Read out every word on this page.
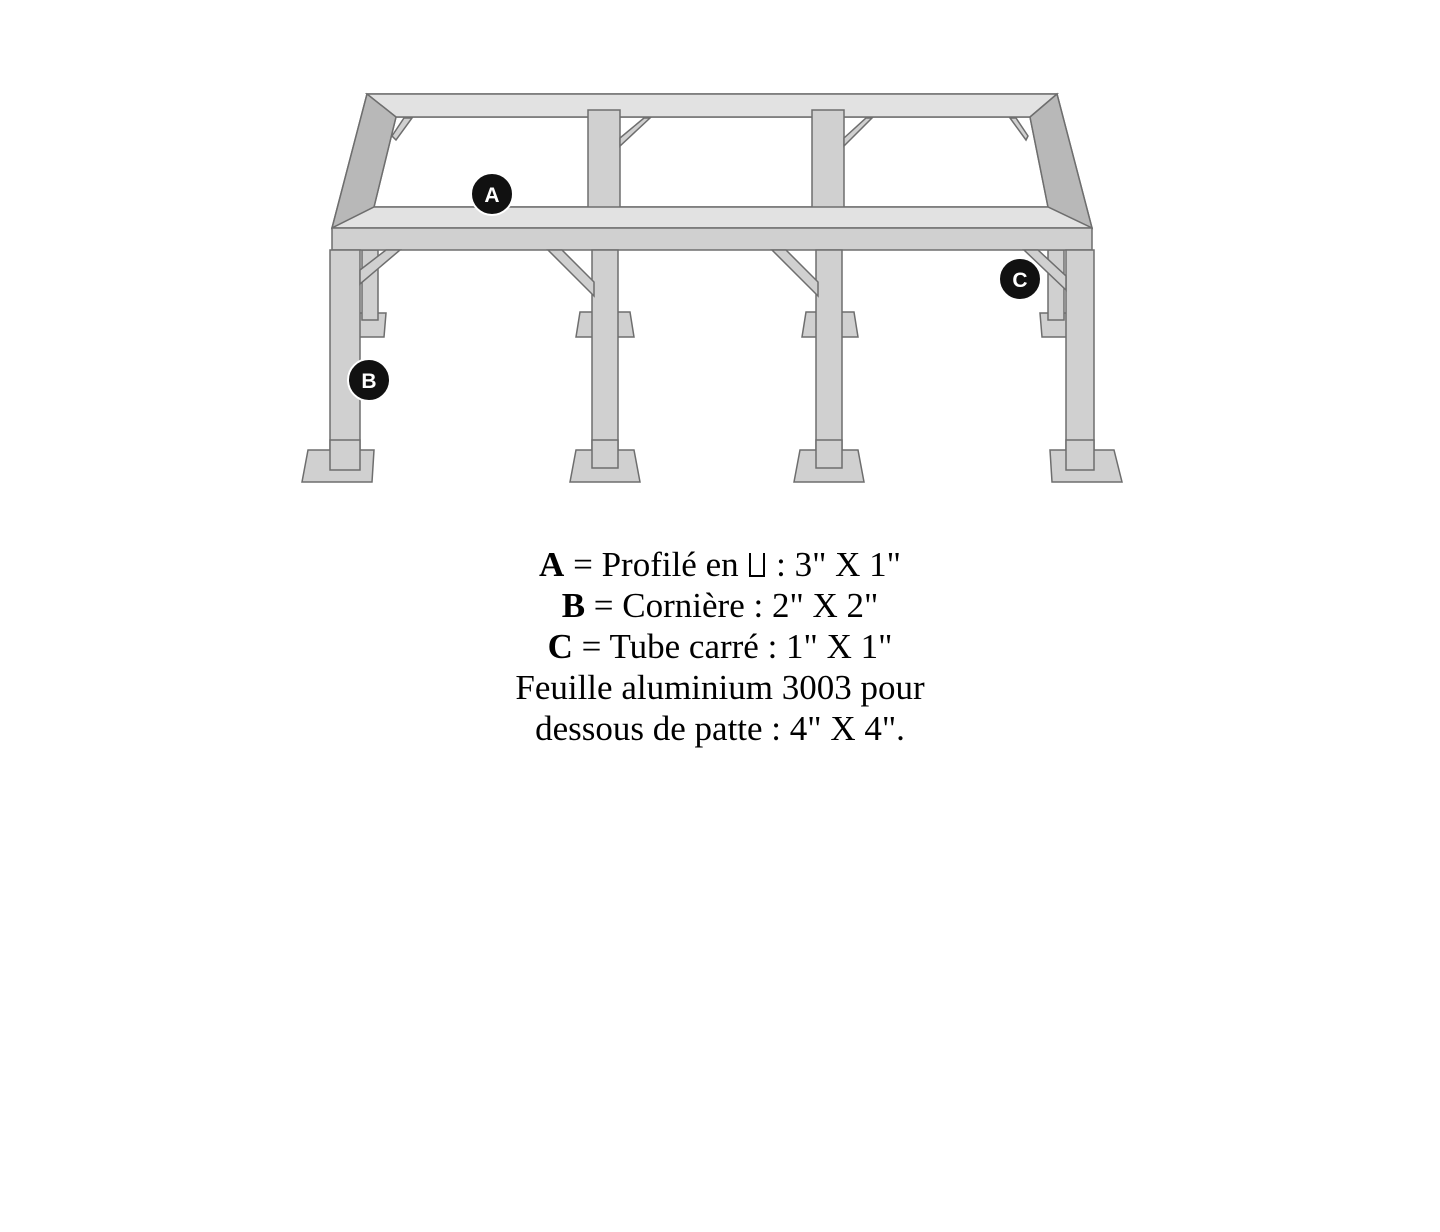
A
B
C
A = Profilé en  : 3" X 1"
B = Cornière : 2" X 2"
C = Tube carré : 1" X 1"
Feuille aluminium 3003 pour
dessous de patte : 4" X 4".
